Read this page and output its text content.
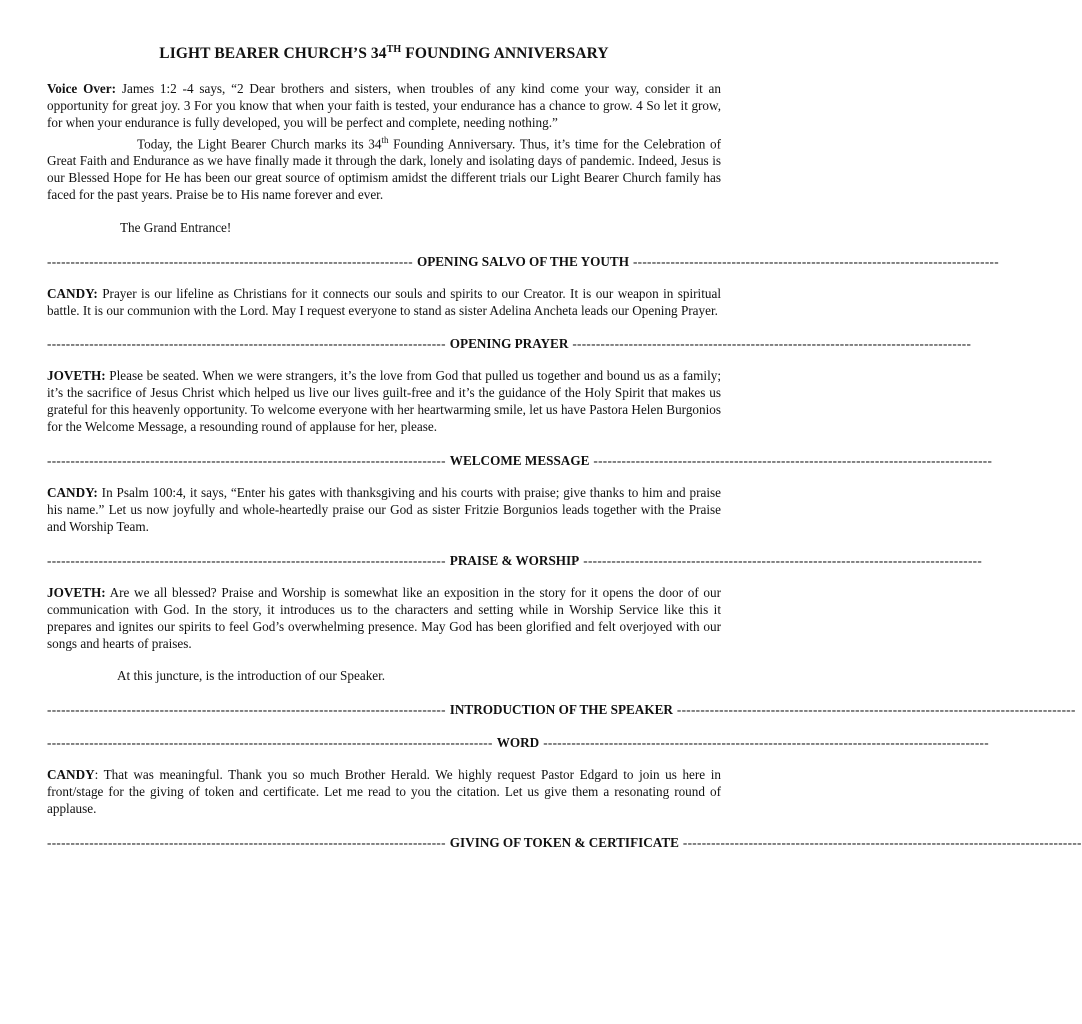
LIGHT BEARER CHURCH’S 34TH FOUNDING ANNIVERSARY

Voice Over: James 1:2 -4 says, “2 Dear brothers and sisters, when troubles of any kind come your way, consider it an opportunity for great joy. 3 For you know that when your faith is tested, your endurance has a chance to grow. 4 So let it grow, for when your endurance is fully developed, you will be perfect and complete, needing nothing.”

Today, the Light Bearer Church marks its 34th Founding Anniversary. Thus, it’s time for the Celebration of Great Faith and Endurance as we have finally made it through the dark, lonely and isolating days of pandemic. Indeed, Jesus is our Blessed Hope for He has been our great source of optimism amidst the different trials our Light Bearer Church family has faced for the past years. Praise be to His name forever and ever.

The Grand Entrance!

------------------------------------------------------------------------------ OPENING SALVO OF THE YOUTH ------------------------------------------------------------------------------

CANDY: Prayer is our lifeline as Christians for it connects our souls and spirits to our Creator. It is our weapon in spiritual battle. It is our communion with the Lord. May I request everyone to stand as sister Adelina Ancheta leads our Opening Prayer.

------------------------------------------------------------------------------------- OPENING PRAYER -------------------------------------------------------------------------------------

JOVETH: Please be seated. When we were strangers, it’s the love from God that pulled us together and bound us as a family; it’s the sacrifice of Jesus Christ which helped us live our lives guilt-free and it’s the guidance of the Holy Spirit that makes us grateful for this heavenly opportunity. To welcome everyone with her heartwarming smile, let us have Pastora Helen Burgonios for the Welcome Message, a resounding round of applause for her, please.

------------------------------------------------------------------------------------- WELCOME MESSAGE -------------------------------------------------------------------------------------

CANDY: In Psalm 100:4, it says, “Enter his gates with thanksgiving and his courts with praise; give thanks to him and praise his name.” Let us now joyfully and whole-heartedly praise our God as sister Fritzie Borgunios leads together with the Praise and Worship Team.

------------------------------------------------------------------------------------- PRAISE & WORSHIP -------------------------------------------------------------------------------------

JOVETH: Are we all blessed? Praise and Worship is somewhat like an exposition in the story for it opens the door of our communication with God. In the story, it introduces us to the characters and setting while in Worship Service like this it prepares and ignites our spirits to feel God’s overwhelming presence. May God has been glorified and felt overjoyed with our songs and hearts of praises.

At this juncture, is the introduction of our Speaker.

------------------------------------------------------------------------------------- INTRODUCTION OF THE SPEAKER -------------------------------------------------------------------------------------
----------------------------------------------------------------------------------------------- WORD -----------------------------------------------------------------------------------------------

CANDY: That was meaningful. Thank you so much Brother Herald. We highly request Pastor Edgard to join us here in front/stage for the giving of token and certificate. Let me read to you the citation. Let us give them a resonating round of applause.

------------------------------------------------------------------------------------- GIVING OF TOKEN & CERTIFICATE -------------------------------------------------------------------------------------
